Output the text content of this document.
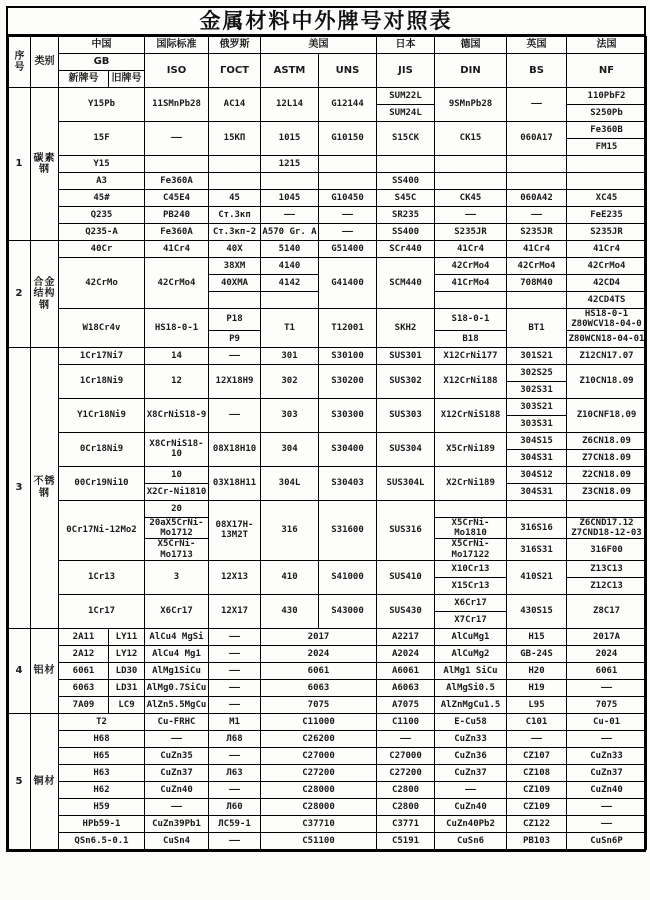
金属材料中外牌号对照表
序号	类别	中国		国际标准	俄罗斯	美国		日本	德国	英国	法国
		GB		ISO	ГОСТ	ASTM	UNS	JIS	DIN	BS	NF
		新牌号	旧牌号								
1	碳素钢	Y15Pb		11SMnPb28	AC14	12L14	G12144	SUM22L	9SMnPb28	——	110PbF2
								SUM24L			S250Pb
		15F		——	15КП	1015	G10150	S15CK	CK15	060A17	Fe360B
											FM15
		Y15				1215					
		A3		Fe360A				SS400			
		45#		C45E4	45	1045	G10450	S45C	CK45	060A42	XC45
		Q235		PB240	Ст.3кп	——	——	SR235	——	——	FeE235
		Q235-A		Fe360A	Ст.3кп-2	A570 Gr. A	——	SS400	S235JR	S235JR	S235JR
2	合金结构钢	40Cr		41Cr4	40X	5140	G51400	SCr440	41Cr4	41Cr4	41Cr4
		42CrMo		42CrMo4	38XM	4140	G41400	SCM440	42CrMo4	42CrMo4	42CrMo4
					40XMA	4142			41CrMo4	708M40	42CD4
											42CD4TS
		W18Cr4v		HS18-0-1	P18	T1	T12001	SKH2	S18-0-1	BT1	HS18-0-1 Z80WCV18-04-0
					P9				B18		Z80WCN18-04-01
3	不锈钢	1Cr17Ni7		14	——	301	S30100	SUS301	X12CrNi177	301S21	Z12CN17.07
		1Cr18Ni9		12	12X18H9	302	S30200	SUS302	X12CrNi188	302S25	Z10CN18.09
										302S31	
		Y1Cr18Ni9		X8CrNiS18-9	——	303	S30300	SUS303	X12CrNiS188	303S21	Z10CNF18.09
										303S31	
		0Cr18Ni9		X8CrNiS18-10	08X18H10	304	S30400	SUS304	X5CrNi189	304S15	Z6CN18.09
										304S31	Z7CN18.09
		00Cr19Ni10		10	03X18H11	304L	S30403	SUS304L	X2CrNi189	304S12	Z2CN18.09
				X2Cr-Ni1810						304S31	Z3CN18.09
		0Cr17Ni-12Mo2		20	08X17H-13M2T	316	S31600	SUS316			
				20aX5CrNi-Mo1712					X5CrNi-Mo1810	316S16	Z6CND17.12 Z7CND18-12-03
				X5CrNi-Mo1713					X5CrNi-Mo17122	316S31	316F00
		1Cr13		3	12X13	410	S41000	SUS410	X10Cr13	410S21	Z13C13
									X15Cr13		Z12C13
		1Cr17		X6Cr17	12X17	430	S43000	SUS430	X6Cr17	430S15	Z8C17
									X7Cr17		
4	铝材	2A11	LY11	AlCu4 MgSi	——	2017		A2217	AlCuMg1	H15	2017A
		2A12	LY12	AlCu4 Mg1	——	2024		A2024	AlCuMg2	GB-24S	2024
		6061	LD30	AlMg1SiCu	——	6061		A6061	AlMg1 SiCu	H20	6061
		6063	LD31	AlMg0.7SiCu	——	6063		A6063	AlMgSi0.5	H19	——
		7A09	LC9	AlZn5.5MgCu	——	7075		A7075	AlZnMgCu1.5	L95	7075
5	铜材	T2		Cu-FRHC	M1	C11000		C1100	E-Cu58	C101	Cu-01
		H68		——	Л68	C26200		——	CuZn33	——	——
		H65		CuZn35	——	C27000		C27000	CuZn36	CZ107	CuZn33
		H63		CuZn37	Л63	C27200		C27200	CuZn37	CZ108	CuZn37
		H62		CuZn40	——	C28000		C2800	——	CZ109	CuZn40
		H59		——	Л60	C28000		C2800	CuZn40	CZ109	——
		HPb59-1		CuZn39Pb1	ЛС59-1	C37710		C3771	CuZn40Pb2	CZ122	——
		QSn6.5-0.1		CuSn4	——	C51100		C5191	CuSn6	PB103	CuSn6P
